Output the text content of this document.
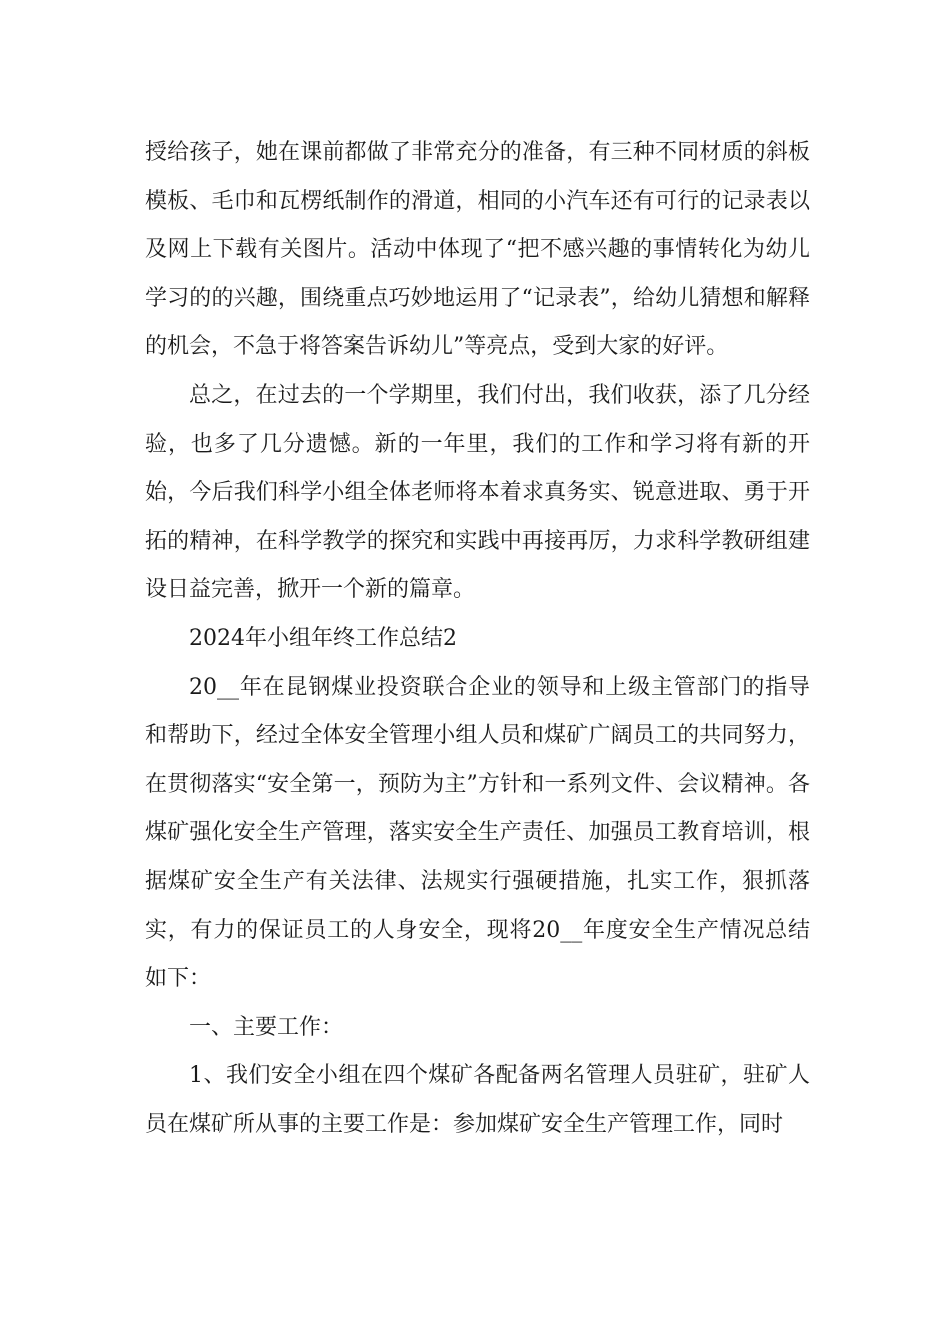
授给孩子，她在课前都做了非常充分的准备，有三种不同材质的斜板模板、毛巾和瓦楞纸制作的滑道，相同的小汽车还有可行的记录表以及网上下载有关图片。活动中体现了“把不感兴趣的事情转化为幼儿学习的的兴趣，围绕重点巧妙地运用了“记录表”，给幼儿猜想和解释的机会，不急于将答案告诉幼儿”等亮点，受到大家的好评。

总之，在过去的一个学期里，我们付出，我们收获，添了几分经验，也多了几分遗憾。新的一年里，我们的工作和学习将有新的开始，今后我们科学小组全体老师将本着求真务实、锐意进取、勇于开拓的精神，在科学教学的探究和实践中再接再厉，力求科学教研组建设日益完善，掀开一个新的篇章。

2024年小组年终工作总结2

20__年在昆钢煤业投资联合企业的领导和上级主管部门的指导和帮助下，经过全体安全管理小组人员和煤矿广阔员工的共同努力，在贯彻落实“安全第一，预防为主”方针和一系列文件、会议精神。各煤矿强化安全生产管理，落实安全生产责任、加强员工教育培训，根据煤矿安全生产有关法律、法规实行强硬措施，扎实工作，狠抓落实，有力的保证员工的人身安全，现将20__年度安全生产情况总结如下：

一、主要工作：

1、我们安全小组在四个煤矿各配备两名管理人员驻矿，驻矿人员在煤矿所从事的主要工作是：参加煤矿安全生产管理工作，同时
